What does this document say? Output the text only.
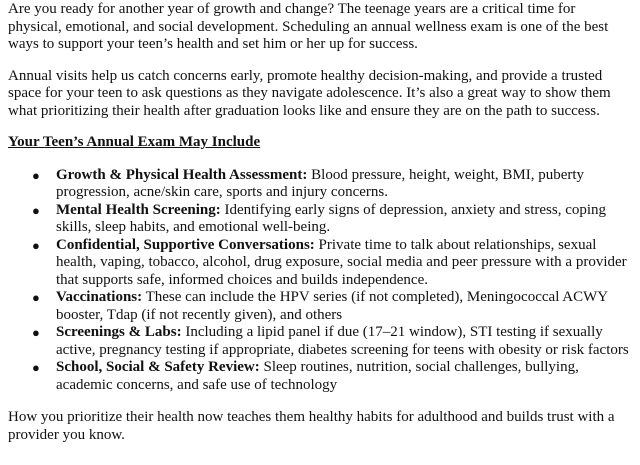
Are you ready for another year of growth and change? The teenage years are a critical time for physical, emotional, and social development. Scheduling an annual wellness exam is one of the best ways to support your teen’s health and set him or her up for success.

Annual visits help us catch concerns early, promote healthy decision-making, and provide a trusted space for your teen to ask questions as they navigate adolescence. It’s also a great way to show them what prioritizing their health after graduation looks like and ensure they are on the path to success.

Your Teen’s Annual Exam May Include

● Growth & Physical Health Assessment: Blood pressure, height, weight, BMI, puberty progression, acne/skin care, sports and injury concerns.
● Mental Health Screening: Identifying early signs of depression, anxiety and stress, coping skills, sleep habits, and emotional well-being.
● Confidential, Supportive Conversations: Private time to talk about relationships, sexual health, vaping, tobacco, alcohol, drug exposure, social media and peer pressure with a provider that supports safe, informed choices and builds independence.
● Vaccinations: These can include the HPV series (if not completed), Meningococcal ACWY booster, Tdap (if not recently given), and others
● Screenings & Labs: Including a lipid panel if due (17–21 window), STI testing if sexually active, pregnancy testing if appropriate, diabetes screening for teens with obesity or risk factors
● School, Social & Safety Review: Sleep routines, nutrition, social challenges, bullying, academic concerns, and safe use of technology

How you prioritize their health now teaches them healthy habits for adulthood and builds trust with a provider you know.
